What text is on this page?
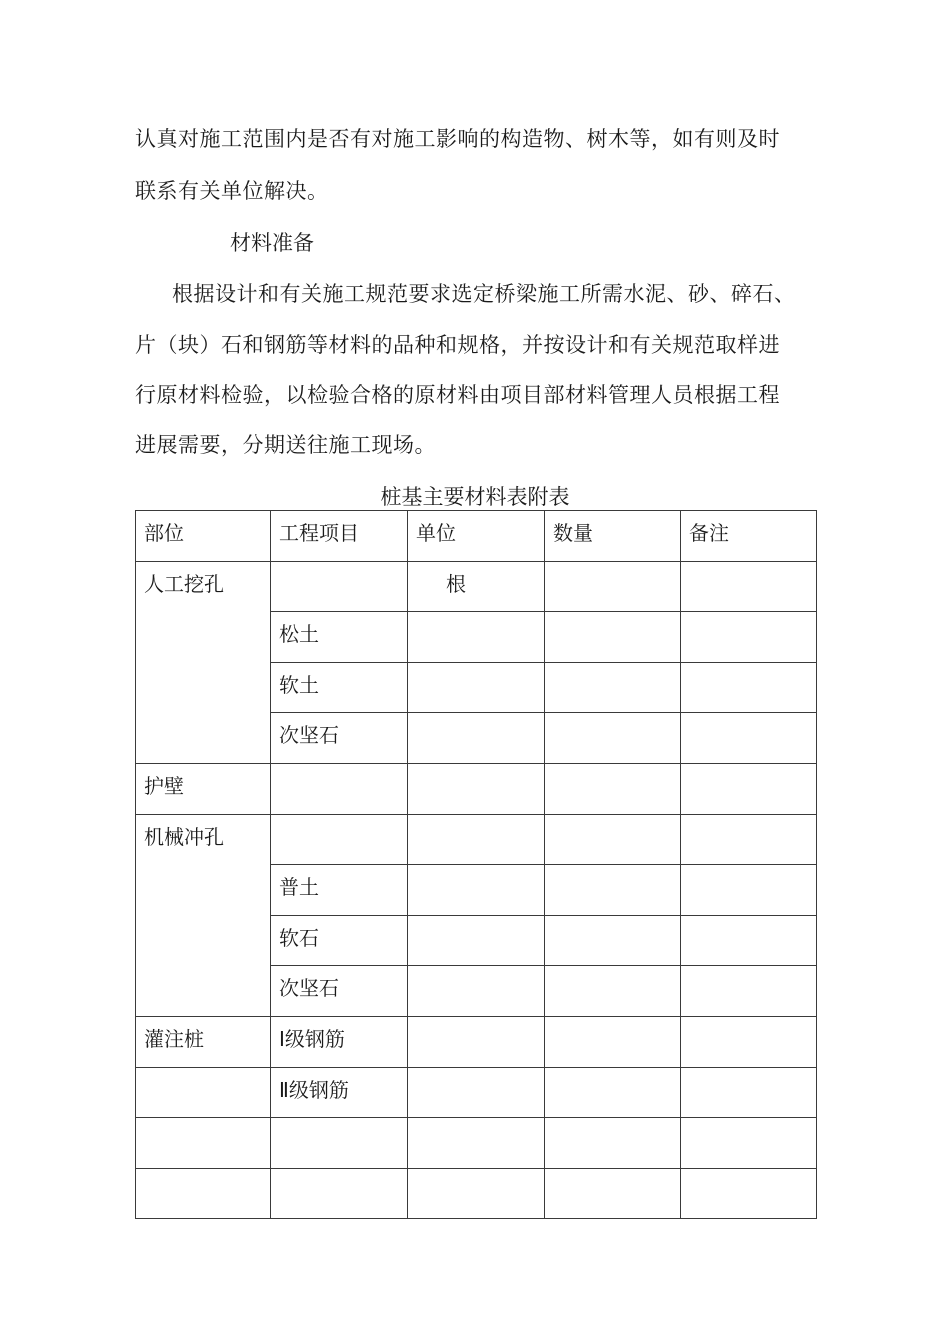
认真对施工范围内是否有对施工影响的构造物、树木等，如有则及时
联系有关单位解决。
材料准备
根据设计和有关施工规范要求选定桥梁施工所需水泥、砂、碎石、
片（块）石和钢筋等材料的品种和规格，并按设计和有关规范取样进
行原材料检验，以检验合格的原材料由项目部材料管理人员根据工程
进展需要，分期送往施工现场。
桩基主要材料表附表
部位	工程项目	单位	数量	备注
人工挖孔		根		
	松土			
	软土			
	次坚石			
护壁				
机械冲孔				
	普土			
	软石			
	次坚石			
灌注桩	Ⅰ级钢筋			
	Ⅱ级钢筋			
